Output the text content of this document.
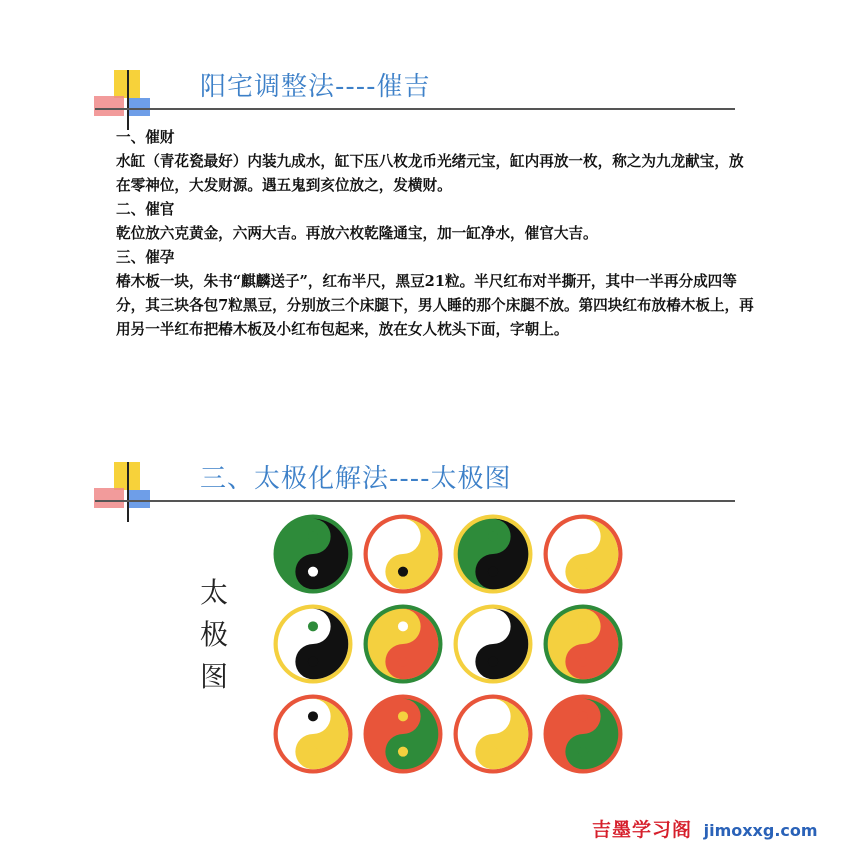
阳宅调整法----催吉

一、催财

水缸（青花瓷最好）内装九成水，缸下压八枚龙币光绪元宝，缸内再放一枚，称之为九龙献宝，放在零神位，大发财源。遇五鬼到亥位放之，发横财。

二、催官

乾位放六克黄金，六两大吉。再放六枚乾隆通宝，加一缸净水，催官大吉。

三、催孕

椿木板一块，朱书“麒麟送子”，红布半尺，黑豆21粒。半尺红布对半撕开，其中一半再分成四等分，其三块各包7粒黑豆，分别放三个床腿下，男人睡的那个床腿不放。第四块红布放椿木板上，再用另一半红布把椿木板及小红布包起来，放在女人枕头下面，字朝上。

三、太极化解法----太极图
太
极
图
吉墨学习阁 jimoxxg.com
